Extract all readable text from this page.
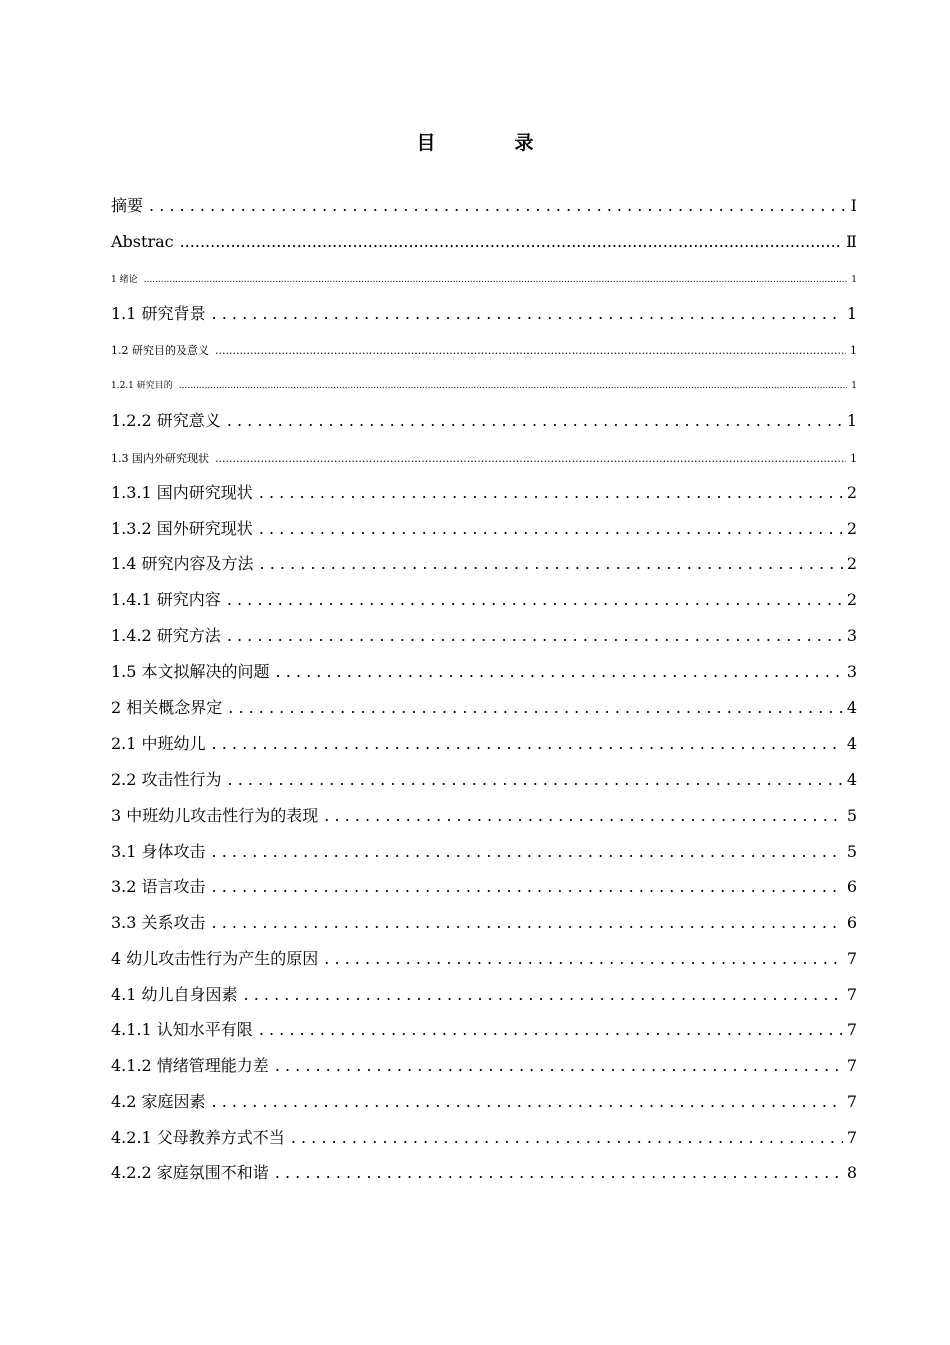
目　录
摘要 . . .	I
Abstrac .....	Ⅱ
1 绪论 .....	1
1.1 研究背景 . . .	1
1.2 研究目的及意义 .....	1
1.2.1 研究目的 .....	1
1.2.2 研究意义 . . .	1
1.3 国内外研究现状 .....	1
1.3.1 国内研究现状 . . .	2
1.3.2 国外研究现状 . . .	2
1.4 研究内容及方法 . . .	2
1.4.1 研究内容 . . .	2
1.4.2 研究方法 . . .	3
1.5 本文拟解决的问题 . . .	3
2 相关概念界定 . . .	4
2.1 中班幼儿 . . .	4
2.2 攻击性行为 . . .	4
3 中班幼儿攻击性行为的表现 . . .	5
3.1 身体攻击 . . .	5
3.2 语言攻击 . . .	6
3.3 关系攻击 . . .	6
4 幼儿攻击性行为产生的原因 . . .	7
4.1 幼儿自身因素 . . .	7
4.1.1 认知水平有限 . . .	7
4.1.2 情绪管理能力差 . . .	7
4.2 家庭因素 . . .	7
4.2.1 父母教养方式不当 . . .	7
4.2.2 家庭氛围不和谐 . . .	8
